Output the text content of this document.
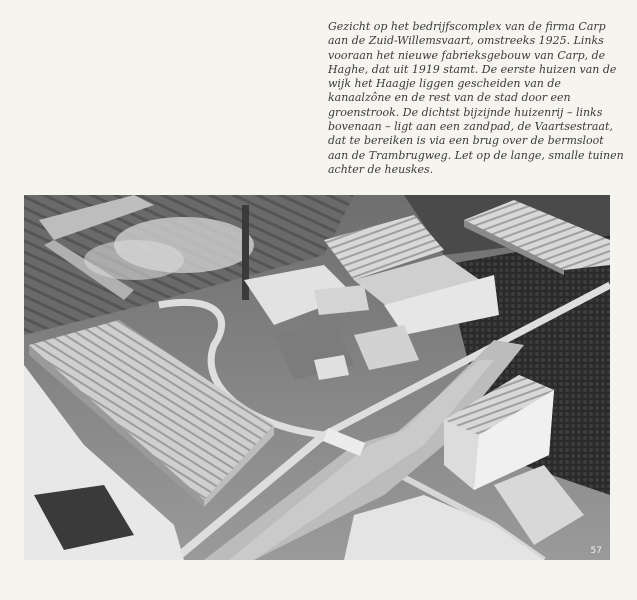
Gezicht op het bedrijfscomplex van de firma Carp aan de Zuid-Willemsvaart, omstreeks 1925. Links vooraan het nieuwe fabrieksgebouw van Carp, de Haghe, dat uit 1919 stamt. De eerste huizen van de wijk het Haagje liggen gescheiden van de kanaalzône en de rest van de stad door een groenstrook. De dichtst bijzijnde huizenrij – links bovenaan – ligt aan een zandpad, de Vaartsestraat, dat te bereiken is via een brug over de bermsloot aan de Trambrugweg. Let op de lange, smalle tuinen achter de heuskes.
57
